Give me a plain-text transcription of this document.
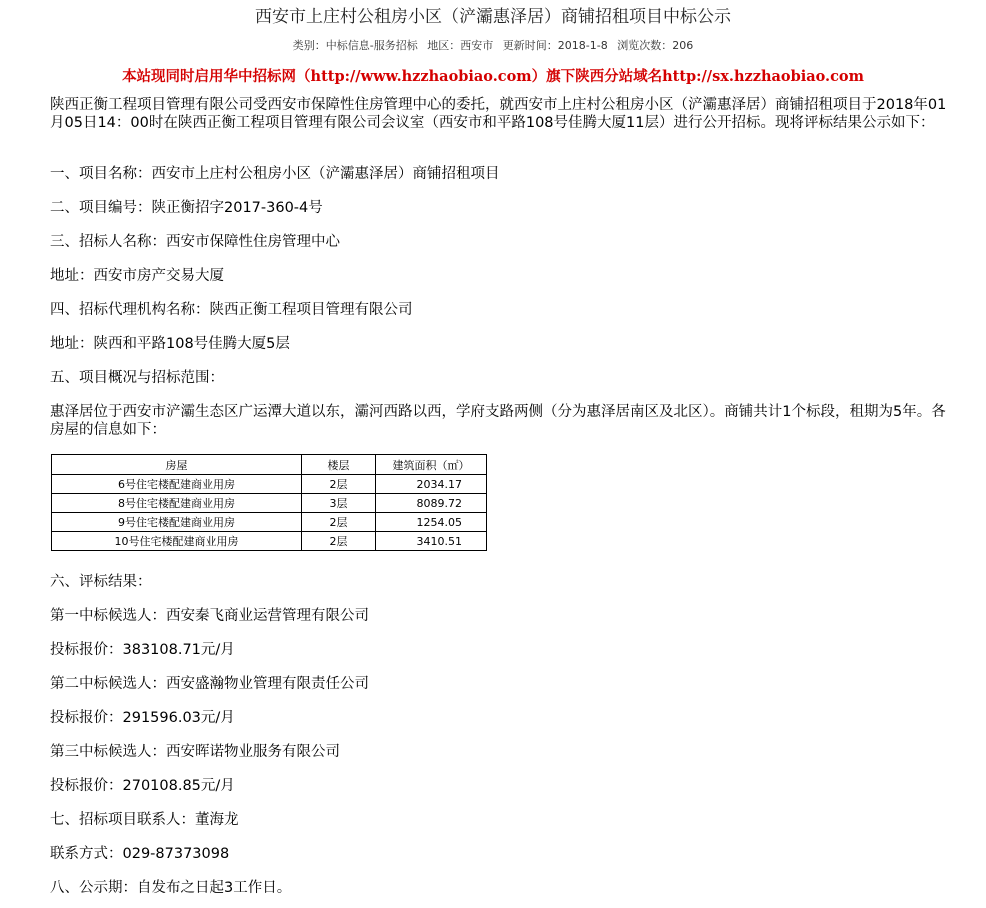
西安市上庄村公租房小区（浐灞惠泽居）商铺招租项目中标公示
类别：中标信息-服务招标 地区：西安市 更新时间：2018-1-8 浏览次数：206
本站现同时启用华中招标网（http://www.hzzhaobiao.com）旗下陕西分站域名http://sx.hzzhaobiao.com
陕西正衡工程项目管理有限公司受西安市保障性住房管理中心的委托，就西安市上庄村公租房小区（浐灞惠泽居）商铺招租项目于2018年01月05日14：00时在陕西正衡工程项目管理有限公司会议室（西安市和平路108号佳腾大厦11层）进行公开招标。现将评标结果公示如下：
一、项目名称：西安市上庄村公租房小区（浐灞惠泽居）商铺招租项目
二、项目编号：陕正衡招字2017-360-4号
三、招标人名称：西安市保障性住房管理中心
地址：西安市房产交易大厦
四、招标代理机构名称：陕西正衡工程项目管理有限公司
地址：陕西和平路108号佳腾大厦5层
五、项目概况与招标范围：
惠泽居位于西安市浐灞生态区广运潭大道以东，灞河西路以西，学府支路两侧（分为惠泽居南区及北区）。商铺共计1个标段，租期为5年。各房屋的信息如下：
房屋	楼层	建筑面积（㎡）
6号住宅楼配建商业用房	2层	2034.17
8号住宅楼配建商业用房	3层	8089.72
9号住宅楼配建商业用房	2层	1254.05
10号住宅楼配建商业用房	2层	3410.51
六、评标结果：
第一中标候选人：西安秦飞商业运营管理有限公司
投标报价：383108.71元/月
第二中标候选人：西安盛瀚物业管理有限责任公司
投标报价：291596.03元/月
第三中标候选人：西安晖诺物业服务有限公司
投标报价：270108.85元/月
七、招标项目联系人：董海龙
联系方式：029-87373098
八、公示期：自发布之日起3工作日。
